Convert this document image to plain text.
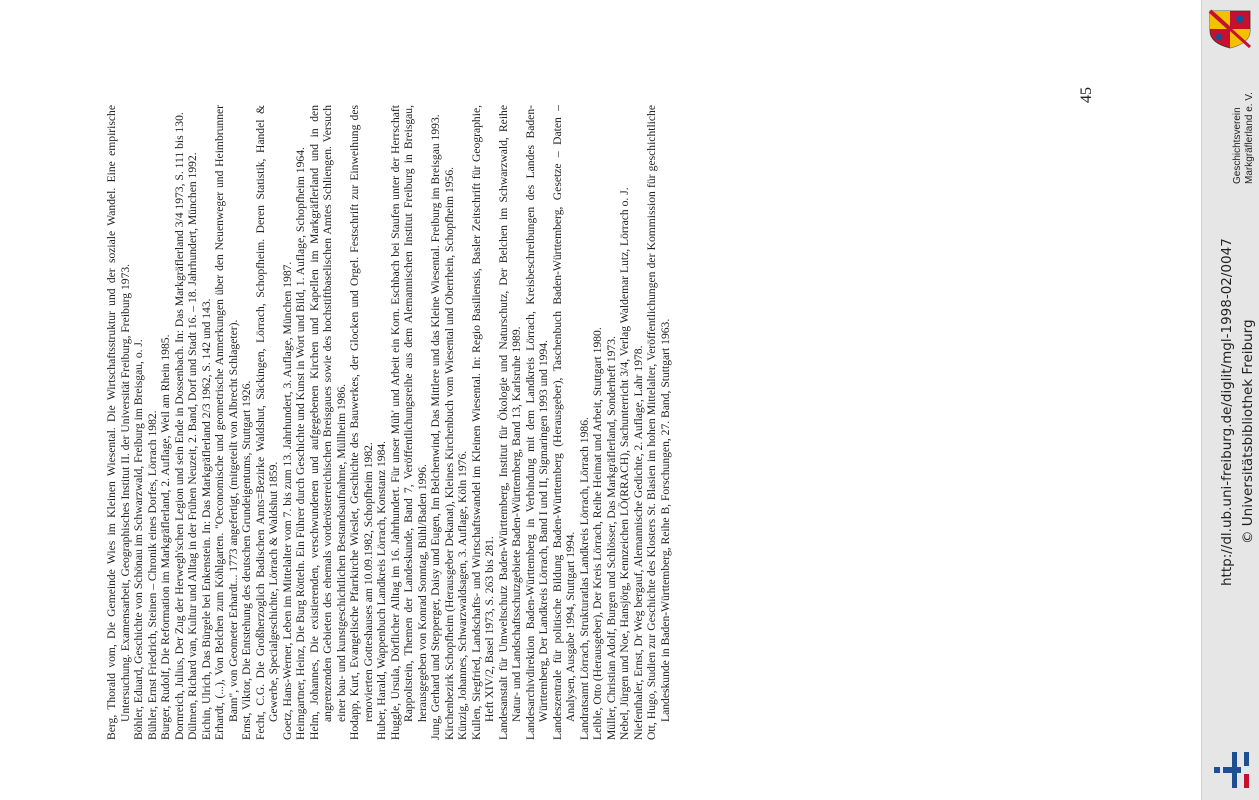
Berg, Thorald vom, Die Gemeinde Wies im Kleinen Wiesental. Die Wirtschaftsstruktur und der soziale Wandel. Eine empirische Untersuchung. Examensarbeit, Geographisches Institut II. der Universität Freiburg, Freiburg 1973. Böhler, Eduard, Geschichte von Schönau im Schwarzwald, Freiburg im Breisgau, o. J. Bühler, Ernst Friedrich, Steinen – Chronik eines Dorfes, Lörrach 1982. Burger, Rudolf, Die Reformation im Markgräflerland, 2. Auflage, Weil am Rhein 1985. Dornreich, Julius, Der Zug der Herwegh'schen Legion und sein Ende in Dossenbach. In: Das Markgräflerland 3/4 1973, S. 111 bis 130. Dülmen, Richard van, Kultur und Alltag in der Frühen Neuzeit, 2. Band, Dorf und Stadt 16. – 18. Jahrhundert, München 1992. Eichin, Ulrich, Das Bürgele bei Enkenstein. In: Das Markgräflerland 2/3 1962, S. 142 und 143. Erhardt, (...), Von Belchen zum Köhlgarten. "Oeconomische und geometrische Anmerkungen über den Neuenweger und Heimbrunner Bann", von Geometer Erhardt... 1773 angefertigt, (mitgeteilt von Albrecht Schlageter). Ernst, Viktor, Die Entstehung des deutschen Grundeigentums, Stuttgart 1926. Fecht, C.G. Die Großherzoglich Badischen Amts=Bezirke Waldshut, Säckingen, Lörrach, Schopfheim. Deren Statistik, Handel & Gewerbe, Specialgeschichte, Lörrach & Waldshut 1859. Goetz, Hans-Werner, Leben im Mittelalter vom 7. bis zum 13. Jahrhundert, 3. Auflage, München 1987. Heimgartner, Heinz, Die Burg Rötteln. Ein Führer durch Geschichte und Kunst in Wort und Bild, 1. Auflage, Schopfheim 1964. Helm, Johannes, Die existierenden, verschwundenen und aufgegebenen Kirchen und Kapellen im Markgräflerland und in den angrenzenden Gebieten des ehemals vorderösterreichischen Breisgaues sowie des hochstiftbaselischen Amtes Schliengen. Versuch einer bau- und kunstgeschichtlichen Bestandsaufnahme, Müllheim 1986. Hodapp, Kurt, Evangelische Pfarrkirche Wieslet, Geschichte des Bauwerkes, der Glocken und Orgel. Festschrift zur Einweihung des renovierten Gotteshauses am 10.09.1982, Schopfheim 1982. Huber, Harald, Wappenbuch Landkreis Lörrach, Konstanz 1984. Huggle, Ursula, Dörflicher Alltag im 16. Jahrhundert. Für unser Müh' und Arbeit ein Korn. Eschbach bei Staufen unter der Herrschaft Rappoltstein, Themen der Landeskunde, Band 7, Veröffentlichungsreihe aus dem Alemannischen Institut Freiburg in Breisgau, herausgegeben von Konrad Sonntag, Bühl/Baden 1996. Jung, Gerhard und Stepperger, Daisy und Eugen, Im Belchenwind, Das Mittlere und das Kleine Wiesental. Freiburg im Breisgau 1993. Kirchenbezirk Schopfheim (Herausgeber Dekanat), Kleines Kirchenbuch vom Wiesental und Oberrhein, Schopfheim 1956. Künzig, Johannes, Schwarzwaldsagen, 3. Auflage, Köln 1976. Kullen, Siegfried, Landschafts- und Wirtschaftswandel im Kleinen Wiesental. In: Regio Basiliensis, Basler Zeitschrift für Geographie, Heft XIV/2, Basel 1973, S. 263 bis 281. Landesanstalt für Umweltschutz Baden-Württemberg, Institut für Ökologie und Naturschutz, Der Belchen im Schwarzwald, Reihe Natur- und Landschaftsschutzgebiete Baden-Württemberg, Band 13, Karlsruhe 1989. Landesarchivdirektion Baden-Württemberg in Verbindung mit dem Landkreis Lörrach, Kreisbeschreibungen des Landes Baden-Württemberg, Der Landkreis Lörrach, Band I und II, Sigmaringen 1993 und 1994. Landeszentrale für politische Bildung Baden-Württemberg (Herausgeber), Taschenbuch Baden-Württemberg, Gesetze – Daten – Analysen, Ausgabe 1994, Stuttgart 1994. Landratsamt Lörrach, Strukturatlas Landkreis Lörrach, Lörrach 1986. Leible, Otto (Herausgeber), Der Kreis Lörrach, Reihe Heimat und Arbeit, Stuttgart 1980. Müller, Christian Adolf, Burgen und Schlösser, Das Markgräflerland, Sonderheft 1973. Nebel, Jürgen und Noe, Hansjörg, Kennzeichen LÖ(RRACH), Sachunterricht 3/4, Verlag Waldemar Lutz, Lörrach o. J. Niefenthaler, Ernst, Dr Weg bergauf, Alemannische Gedichte, 2. Auflage, Lahr 1978. Ott, Hugo, Studien zur Geschichte des Klosters St. Blasien im hohen Mittelalter, Veröffentlichungen der Kommission für geschichtliche Landeskunde in Baden-Württemberg, Reihe B, Forschungen, 27. Band, Stuttgart 1963.

45
http://dl.ub.uni-freiburg.de/diglit/mgl-1998-02/0047 © Universitätsbibliothek Freiburg
Geschichtsverein Markgräflerland e. V.
